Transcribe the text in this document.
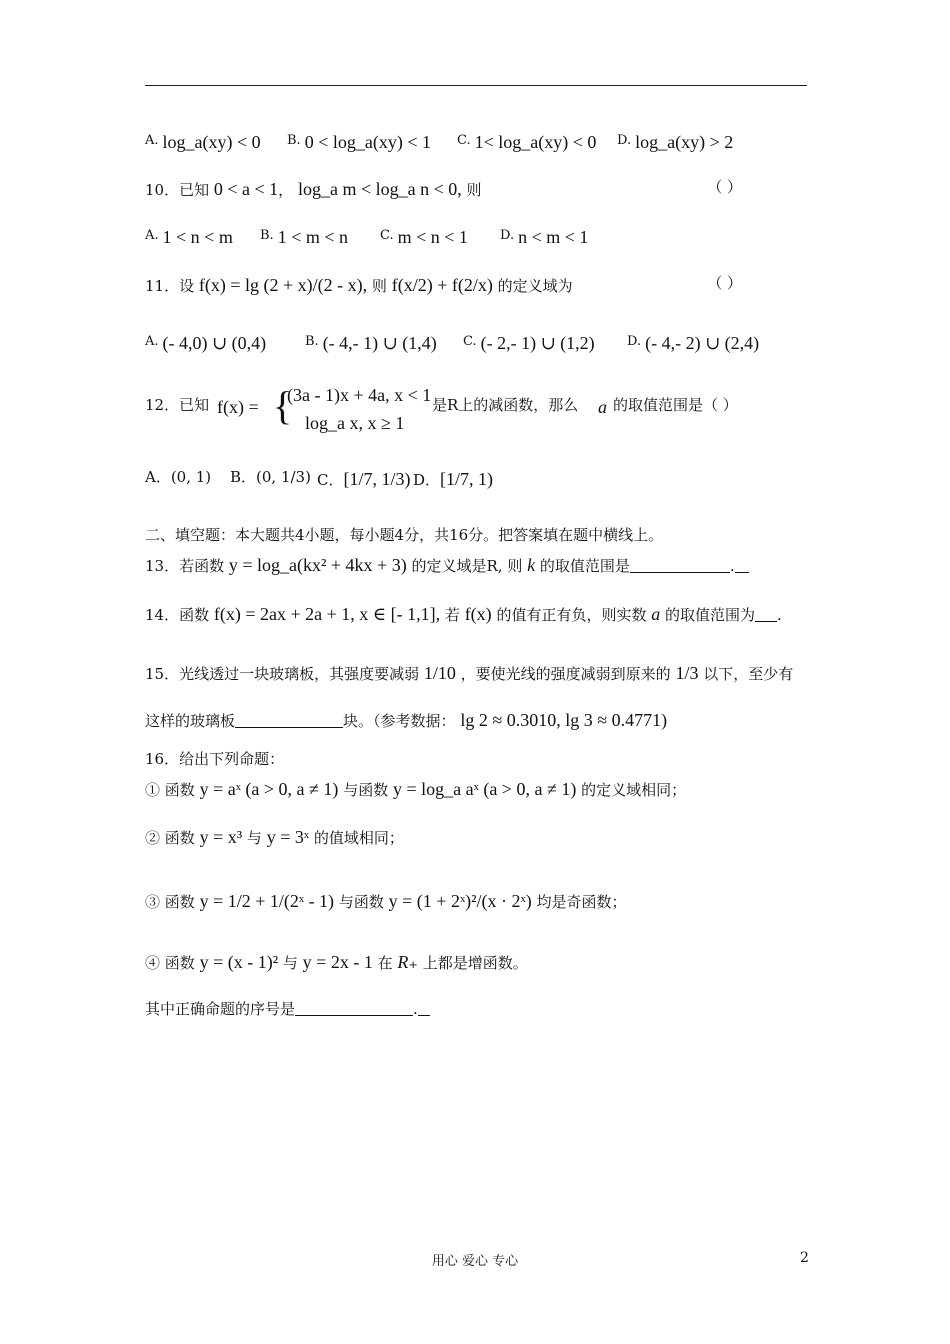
A. log_a(xy) < 0 B. 0 < log_a(xy) < 1 C. 1< log_a(xy) < 0 D. log_a(xy) > 2
10．已知 0 < a < 1， log_a m < log_a n < 0, 则	（ ）
A. 1 < n < m B. 1 < m < n C. m < n < 1 D. n < m < 1
11．设 f(x) = lg (2 + x)/(2 - x), 则 f(x/2) + f(2/x) 的定义域为	（ ）
A. (- 4,0) ∪ (0,4)	B. (- 4,- 1) ∪ (1,4) C. (- 2,- 1) ∪ (1,2) D. (- 4,- 2) ∪ (2,4)
12．已知 f(x) = {
(3a - 1)x + 4a, x < 1
log_a x, x ≥ 1
是R上的减函数，那么 a 的取值范围是（ ）
A．(0, 1) B．(0, 1/3) C．[1/7, 1/3) D．[1/7, 1)
二、填空题：本大题共4小题，每小题4分，共16分。把答案填在题中横线上。
13．若函数 y = log_a(kx² + 4kx + 3) 的定义域是R, 则 k 的取值范围是	.
14．函数 f(x) = 2ax + 2a + 1, x ∈ [- 1,1], 若 f(x) 的值有正有负，则实数 a 的取值范围为 .
15．光线透过一块玻璃板，其强度要减弱 1/10 ，要使光线的强度减弱到原来的 1/3 以下，至少有
这样的玻璃板	块。（参考数据： lg 2 ≈ 0.3010, lg 3 ≈ 0.4771)
16．给出下列命题：
① 函数 y = aˣ (a > 0, a ≠ 1) 与函数 y = log_a aˣ (a > 0, a ≠ 1) 的定义域相同；
② 函数 y = x³ 与 y = 3ˣ 的值域相同；
③ 函数 y = 1/2 + 1/(2ˣ - 1) 与函数 y = (1 + 2ˣ)²/(x · 2ˣ) 均是奇函数；
④ 函数 y = (x - 1)² 与 y = 2x - 1 在 R₊ 上都是增函数。
其中正确命题的序号是	.
用心 爱心 专心	2
